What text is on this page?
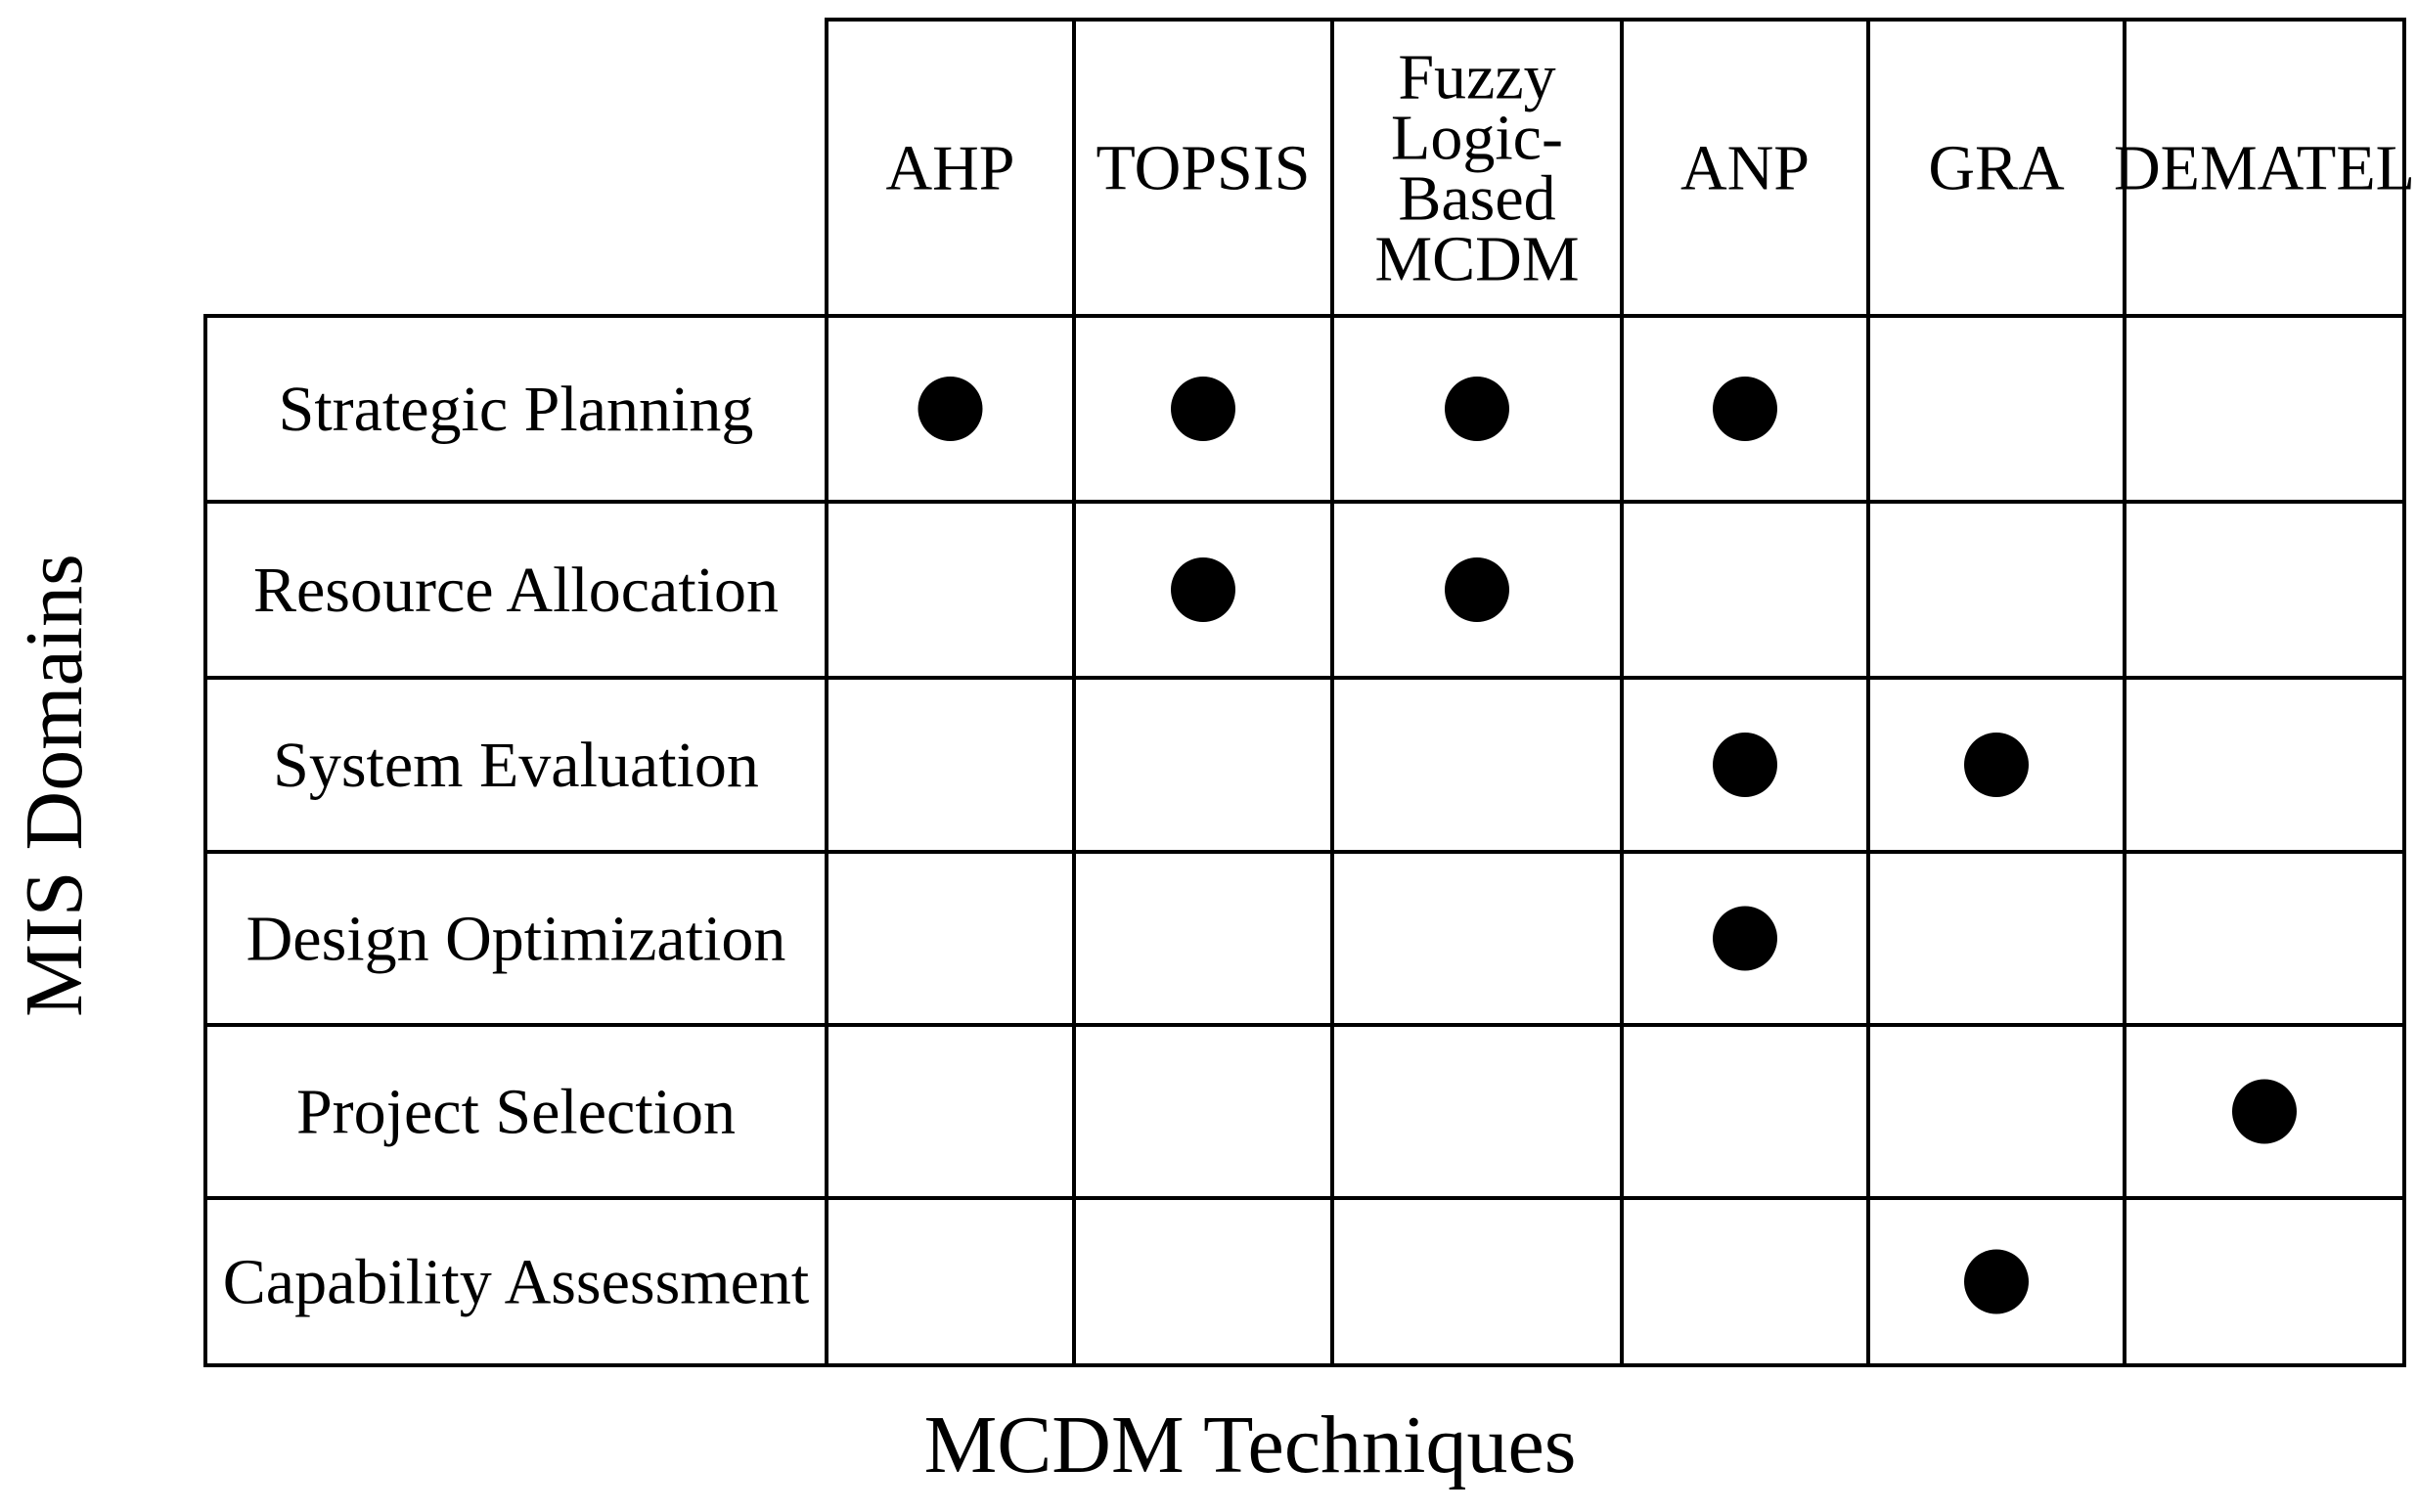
AHP TOPSIS
Fuzzy Logic-Based MCDM
ANP GRA DEMATEL
Strategic Planning
Resource Allocation
System Evaluation
Design Optimization
Project Selection
Capability Assessment
MCDM Techniques
MIS Domains
